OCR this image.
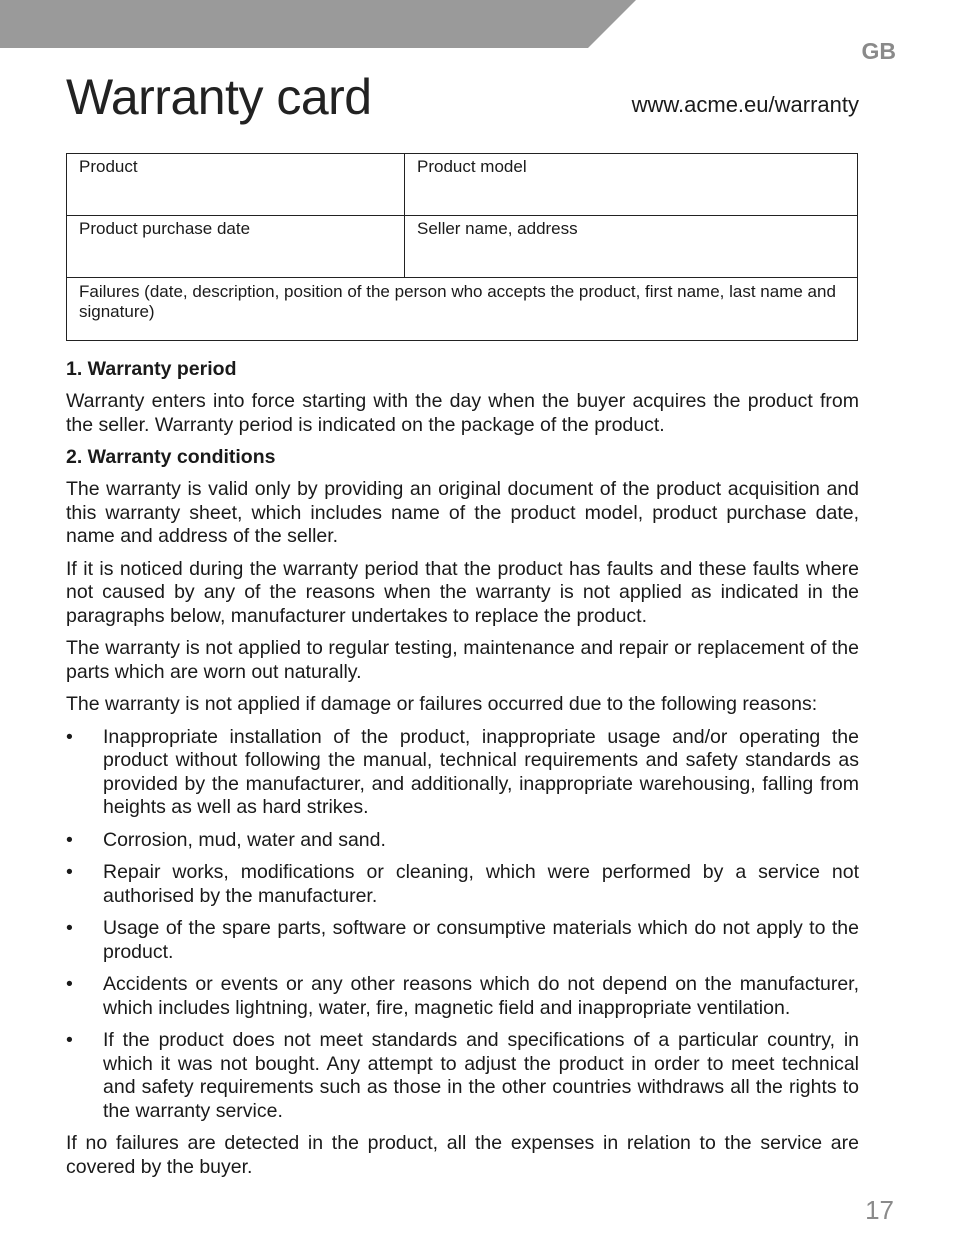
GB
Warranty card	www.acme.eu/warranty
Product	Product model
Product purchase date	Seller name, address
Failures (date, description, position of the person who accepts the product, first name, last name and signature)	
1. Warranty period

Warranty enters into force starting with the day when the buyer acquires the product from the seller. Warranty period is indicated on the package of the product.

2. Warranty conditions

The warranty is valid only by providing an original document of the product acquisition and this warranty sheet, which includes name of the product model, product purchase date, name and address of the seller.

If it is noticed during the warranty period that the product has faults and these faults where not caused by any of the reasons when the warranty is not applied as indicated in the paragraphs below, manufacturer undertakes to replace the product.

The warranty is not applied to regular testing, maintenance and repair or replacement of the parts which are worn out naturally.

The warranty is not applied if damage or failures occurred due to the following reasons:

• Inappropriate installation of the product, inappropriate usage and/or operating the product without following the manual, technical requirements and safety standards as provided by the manufacturer, and additionally, inappropriate warehousing, falling from heights as well as hard strikes.
• Corrosion, mud, water and sand.
• Repair works, modifications or cleaning, which were performed by a service not authorised by the manufacturer.
• Usage of the spare parts, software or consumptive materials which do not apply to the product.
• Accidents or events or any other reasons which do not depend on the manufacturer, which includes lightning, water, fire, magnetic field and inappropriate ventilation.
• If the product does not meet standards and specifications of a particular country, in which it was not bought. Any attempt to adjust the product in order to meet technical and safety requirements such as those in the other countries withdraws all the rights to the warranty service.

If no failures are detected in the product, all the expenses in relation to the service are covered by the buyer.

17
